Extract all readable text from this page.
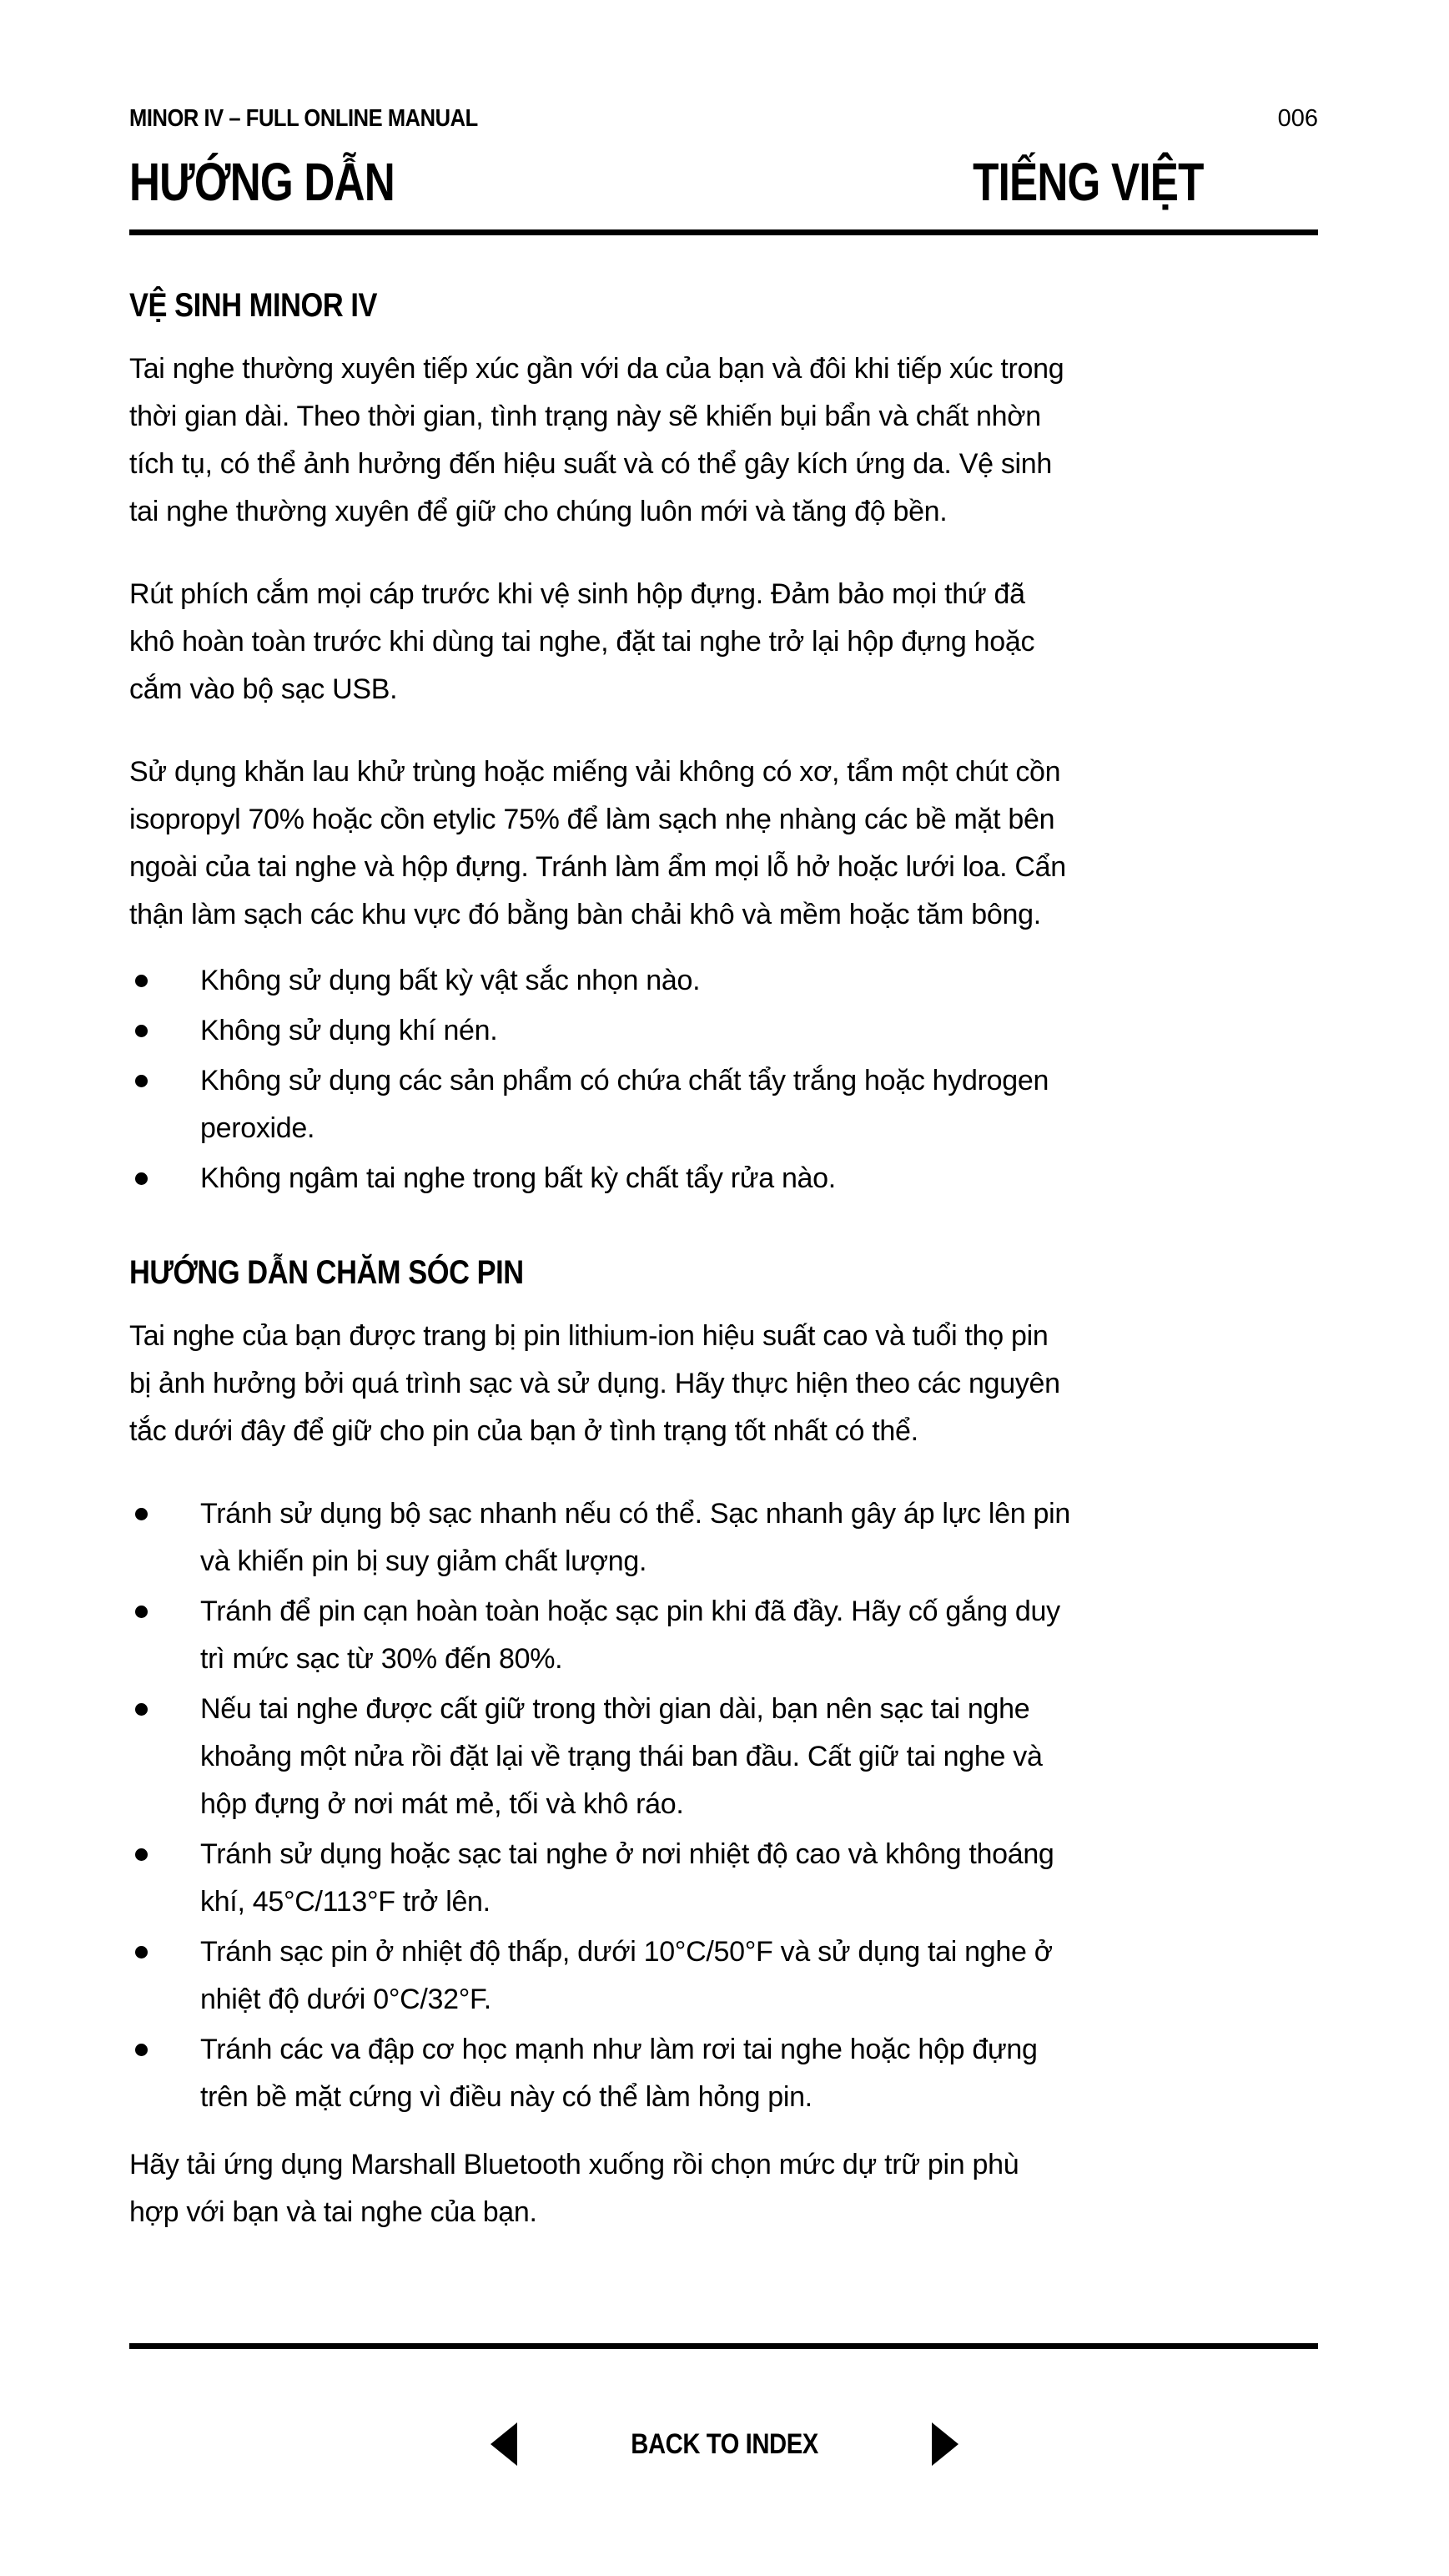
MINOR IV – FULL ONLINE MANUAL	006
HƯỚNG DẪN	TIẾNG VIỆT
VỆ SINH MINOR IV
Tai nghe thường xuyên tiếp xúc gần với da của bạn và đôi khi tiếp xúc trong
thời gian dài. Theo thời gian, tình trạng này sẽ khiến bụi bẩn và chất nhờn
tích tụ, có thể ảnh hưởng đến hiệu suất và có thể gây kích ứng da. Vệ sinh
tai nghe thường xuyên để giữ cho chúng luôn mới và tăng độ bền.
Rút phích cắm mọi cáp trước khi vệ sinh hộp đựng. Đảm bảo mọi thứ đã
khô hoàn toàn trước khi dùng tai nghe, đặt tai nghe trở lại hộp đựng hoặc
cắm vào bộ sạc USB.
Sử dụng khăn lau khử trùng hoặc miếng vải không có xơ, tẩm một chút cồn
isopropyl 70% hoặc cồn etylic 75% để làm sạch nhẹ nhàng các bề mặt bên
ngoài của tai nghe và hộp đựng. Tránh làm ẩm mọi lỗ hở hoặc lưới loa. Cẩn
thận làm sạch các khu vực đó bằng bàn chải khô và mềm hoặc tăm bông.
Không sử dụng bất kỳ vật sắc nhọn nào.
Không sử dụng khí nén.
Không sử dụng các sản phẩm có chứa chất tẩy trắng hoặc hydrogen
peroxide.
Không ngâm tai nghe trong bất kỳ chất tẩy rửa nào.
HƯỚNG DẪN CHĂM SÓC PIN
Tai nghe của bạn được trang bị pin lithium-ion hiệu suất cao và tuổi thọ pin
bị ảnh hưởng bởi quá trình sạc và sử dụng. Hãy thực hiện theo các nguyên
tắc dưới đây để giữ cho pin của bạn ở tình trạng tốt nhất có thể.
Tránh sử dụng bộ sạc nhanh nếu có thể. Sạc nhanh gây áp lực lên pin
và khiến pin bị suy giảm chất lượng.
Tránh để pin cạn hoàn toàn hoặc sạc pin khi đã đầy. Hãy cố gắng duy
trì mức sạc từ 30% đến 80%.
Nếu tai nghe được cất giữ trong thời gian dài, bạn nên sạc tai nghe
khoảng một nửa rồi đặt lại về trạng thái ban đầu. Cất giữ tai nghe và
hộp đựng ở nơi mát mẻ, tối và khô ráo.
Tránh sử dụng hoặc sạc tai nghe ở nơi nhiệt độ cao và không thoáng
khí, 45°C/113°F trở lên.
Tránh sạc pin ở nhiệt độ thấp, dưới 10°C/50°F và sử dụng tai nghe ở
nhiệt độ dưới 0°C/32°F.
Tránh các va đập cơ học mạnh như làm rơi tai nghe hoặc hộp đựng
trên bề mặt cứng vì điều này có thể làm hỏng pin.
Hãy tải ứng dụng Marshall Bluetooth xuống rồi chọn mức dự trữ pin phù
hợp với bạn và tai nghe của bạn.
BACK TO INDEX
